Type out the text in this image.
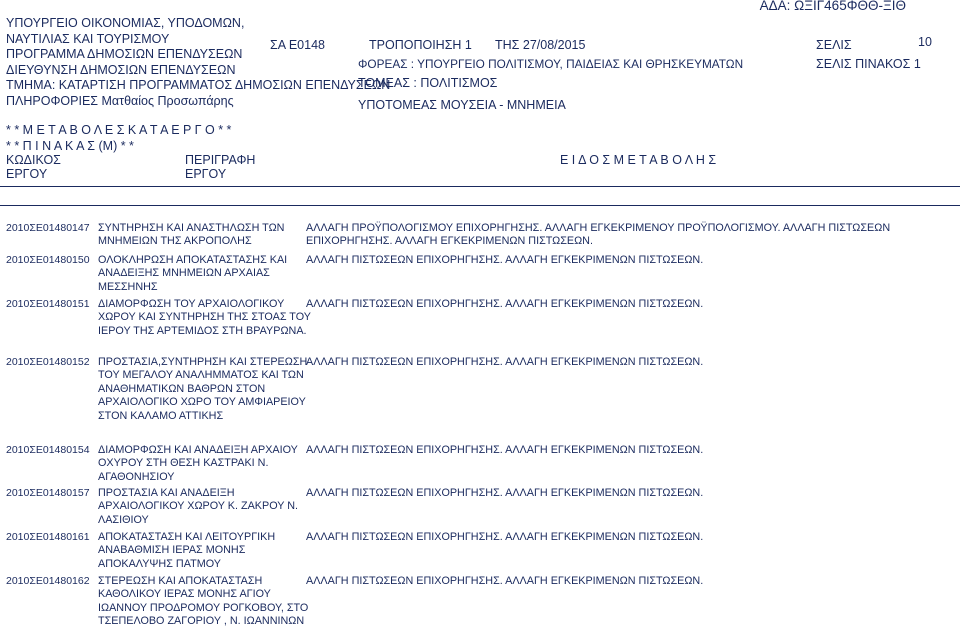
ΑΔΑ: ΩΞΙΓ465ΦΘΘ-ΞΙΘ
ΥΠΟΥΡΓΕΙΟ ΟΙΚΟΝΟΜΙΑΣ, ΥΠΟΔΟΜΩΝ,
ΝΑΥΤΙΛΙΑΣ ΚΑΙ ΤΟΥΡΙΣΜΟΥ
ΠΡΟΓΡΑΜΜΑ ΔΗΜΟΣΙΩΝ ΕΠΕΝΔΥΣΕΩΝ
ΔΙΕΥΘΥΝΣΗ ΔΗΜΟΣΙΩΝ ΕΠΕΝΔΥΣΕΩΝ
ΤΜΗΜΑ: ΚΑΤΑΡΤΙΣΗ ΠΡΟΓΡΑΜΜΑΤΟΣ ΔΗΜΟΣΙΩΝ ΕΠΕΝΔΥΣΕΩΝ
ΠΛΗΡΟΦΟΡΙΕΣ Ματθαίος Προσωπάρης
ΣΑ Ε0148	ΤΡΟΠΟΠΟΙΗΣΗ 1 ΤΗΣ 27/08/2015
ΦΟΡΕΑΣ : ΥΠΟΥΡΓΕΙΟ ΠΟΛΙΤΙΣΜΟΥ, ΠΑΙΔΕΙΑΣ ΚΑΙ ΘΡΗΣΚΕΥΜΑΤΩΝ
ΤΟΜΕΑΣ : ΠΟΛΙΤΙΣΜΟΣ
ΥΠΟΤΟΜΕΑΣ ΜΟΥΣΕΙΑ - ΜΝΗΜΕΙΑ
ΣΕΛΙΣ	10
ΣΕΛΙΣ ΠΙΝΑΚΟΣ 1
* * Μ Ε Τ Α Β Ο Λ Ε Σ Κ Α Τ Α Ε Ρ Γ Ο * *
* * Π Ι Ν Α Κ Α Σ (Μ) * *
ΚΩΔΙΚΟΣ
ΕΡΓΟΥ
ΠΕΡΙΓΡΑΦΗ
ΕΡΓΟΥ
Ε Ι Δ Ο Σ Μ Ε Τ Α Β Ο Λ Η Σ
2010ΣΕ01480147 ΣΥΝΤΗΡΗΣΗ ΚΑΙ ΑΝΑΣΤΗΛΩΣΗ ΤΩΝ ΜΝΗΜΕΙΩΝ ΤΗΣ ΑΚΡΟΠΟΛΗΣ
ΑΛΛΑΓΗ ΠΡΟΫΠΟΛΟΓΙΣΜΟΥ ΕΠΙΧΟΡΗΓΗΣΗΣ. ΑΛΛΑΓΗ ΕΓΚΕΚΡΙΜΕΝΟΥ ΠΡΟΫΠΟΛΟΓΙΣΜΟΥ. ΑΛΛΑΓΗ ΠΙΣΤΩΣΕΩΝ ΕΠΙΧΟΡΗΓΗΣΗΣ. ΑΛΛΑΓΗ ΕΓΚΕΚΡΙΜΕΝΩΝ ΠΙΣΤΩΣΕΩΝ.
2010ΣΕ01480150 ΟΛΟΚΛΗΡΩΣΗ ΑΠΟΚΑΤΑΣΤΑΣΗΣ ΚΑΙ ΑΝΑΔΕΙΞΗΣ ΜΝΗΜΕΙΩΝ ΑΡΧΑΙΑΣ ΜΕΣΣΗΝΗΣ
ΑΛΛΑΓΗ ΠΙΣΤΩΣΕΩΝ ΕΠΙΧΟΡΗΓΗΣΗΣ. ΑΛΛΑΓΗ ΕΓΚΕΚΡΙΜΕΝΩΝ ΠΙΣΤΩΣΕΩΝ.
2010ΣΕ01480151 ΔΙΑΜΟΡΦΩΣΗ ΤΟΥ ΑΡΧΑΙΟΛΟΓΙΚΟΥ ΧΩΡΟΥ ΚΑΙ ΣΥΝΤΗΡΗΣΗ ΤΗΣ ΣΤΟΑΣ ΤΟΥ ΙΕΡΟΥ ΤΗΣ ΑΡΤΕΜΙΔΟΣ ΣΤΗ ΒΡΑΥΡΩΝΑ.
ΑΛΛΑΓΗ ΠΙΣΤΩΣΕΩΝ ΕΠΙΧΟΡΗΓΗΣΗΣ. ΑΛΛΑΓΗ ΕΓΚΕΚΡΙΜΕΝΩΝ ΠΙΣΤΩΣΕΩΝ.
2010ΣΕ01480152 ΠΡΟΣΤΑΣΙΑ,ΣΥΝΤΗΡΗΣΗ ΚΑΙ ΣΤΕΡΕΩΣΗ ΤΟΥ ΜΕΓΑΛΟΥ ΑΝΑΛΗΜΜΑΤΟΣ ΚΑΙ ΤΩΝ ΑΝΑΘΗΜΑΤΙΚΩΝ ΒΑΘΡΩΝ ΣΤΟΝ ΑΡΧΑΙΟΛΟΓΙΚΟ ΧΩΡΟ ΤΟΥ ΑΜΦΙΑΡΕΙΟΥ ΣΤΟΝ ΚΑΛΑΜΟ ΑΤΤΙΚΗΣ
ΑΛΛΑΓΗ ΠΙΣΤΩΣΕΩΝ ΕΠΙΧΟΡΗΓΗΣΗΣ. ΑΛΛΑΓΗ ΕΓΚΕΚΡΙΜΕΝΩΝ ΠΙΣΤΩΣΕΩΝ.
2010ΣΕ01480154 ΔΙΑΜΟΡΦΩΣΗ ΚΑΙ ΑΝΑΔΕΙΞΗ ΑΡΧΑΙΟΥ ΟΧΥΡΟΥ ΣΤΗ ΘΕΣΗ ΚΑΣΤΡΑΚΙ Ν. ΑΓΑΘΟΝΗΣΙΟΥ
ΑΛΛΑΓΗ ΠΙΣΤΩΣΕΩΝ ΕΠΙΧΟΡΗΓΗΣΗΣ. ΑΛΛΑΓΗ ΕΓΚΕΚΡΙΜΕΝΩΝ ΠΙΣΤΩΣΕΩΝ.
2010ΣΕ01480157 ΠΡΟΣΤΑΣΙΑ ΚΑΙ ΑΝΑΔΕΙΞΗ ΑΡΧΑΙΟΛΟΓΙΚΟΥ ΧΩΡΟΥ Κ. ΖΑΚΡΟΥ Ν. ΛΑΣΙΘΙΟΥ
ΑΛΛΑΓΗ ΠΙΣΤΩΣΕΩΝ ΕΠΙΧΟΡΗΓΗΣΗΣ. ΑΛΛΑΓΗ ΕΓΚΕΚΡΙΜΕΝΩΝ ΠΙΣΤΩΣΕΩΝ.
2010ΣΕ01480161 ΑΠΟΚΑΤΑΣΤΑΣΗ ΚΑΙ ΛΕΙΤΟΥΡΓΙΚΗ ΑΝΑΒΑΘΜΙΣΗ ΙΕΡΑΣ ΜΟΝΗΣ ΑΠΟΚΑΛΥΨΗΣ ΠΑΤΜΟΥ
ΑΛΛΑΓΗ ΠΙΣΤΩΣΕΩΝ ΕΠΙΧΟΡΗΓΗΣΗΣ. ΑΛΛΑΓΗ ΕΓΚΕΚΡΙΜΕΝΩΝ ΠΙΣΤΩΣΕΩΝ.
2010ΣΕ01480162 ΣΤΕΡΕΩΣΗ ΚΑΙ ΑΠΟΚΑΤΑΣΤΑΣΗ ΚΑΘΟΛΙΚΟΥ ΙΕΡΑΣ ΜΟΝΗΣ ΑΓΙΟΥ ΙΩΑΝΝΟΥ ΠΡΟΔΡΟΜΟΥ ΡΟΓΚΟΒΟΥ, ΣΤΟ ΤΣΕΠΕΛΟΒΟ ΖΑΓΟΡΙΟΥ , Ν. ΙΩΑΝΝΙΝΩΝ
ΑΛΛΑΓΗ ΠΙΣΤΩΣΕΩΝ ΕΠΙΧΟΡΗΓΗΣΗΣ. ΑΛΛΑΓΗ ΕΓΚΕΚΡΙΜΕΝΩΝ ΠΙΣΤΩΣΕΩΝ.
